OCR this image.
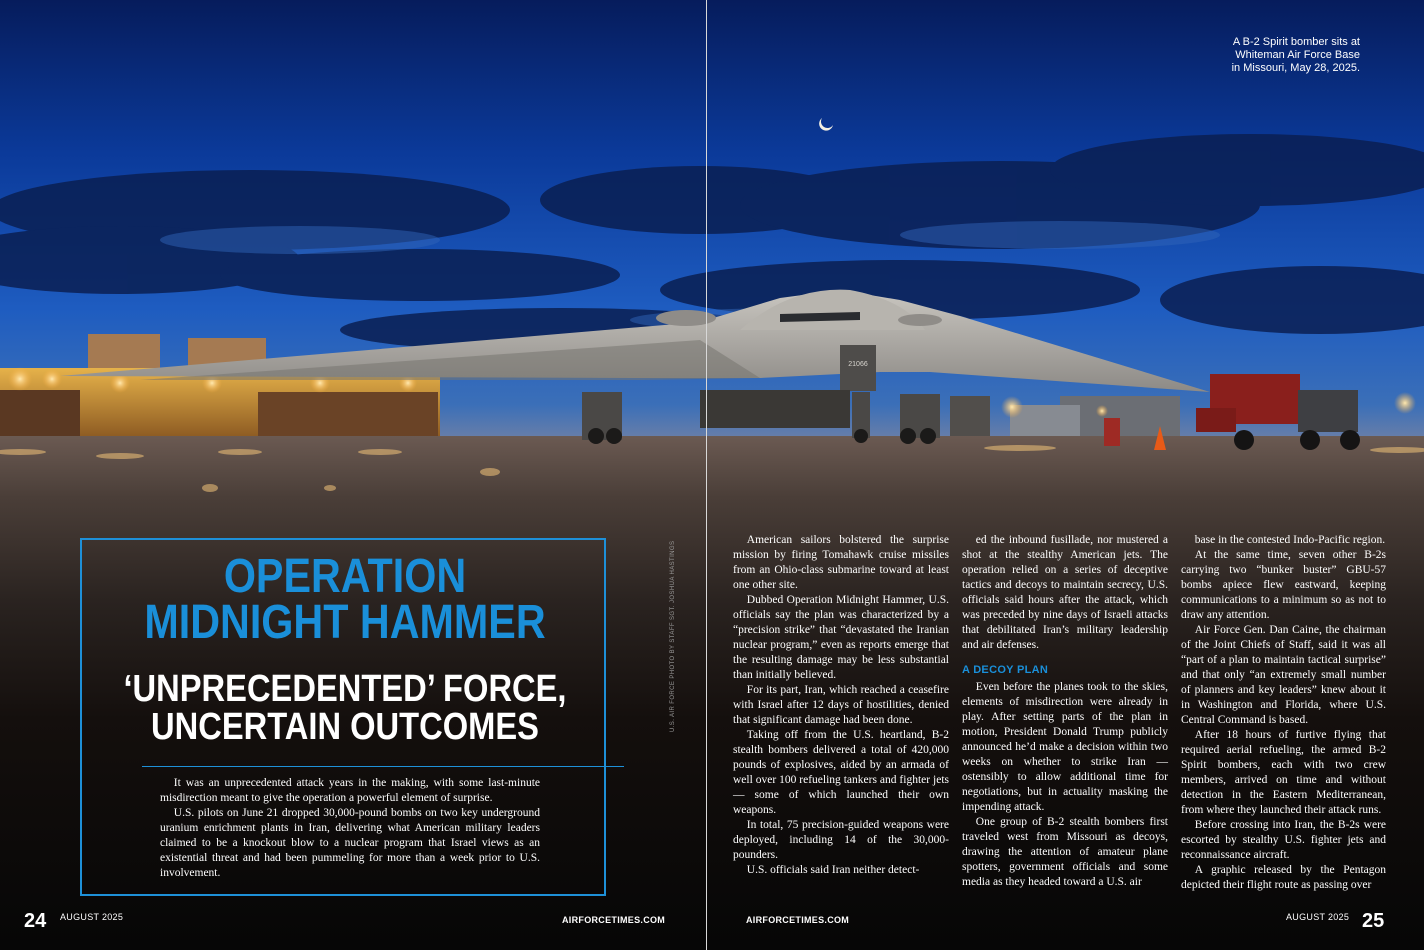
21066
A B-2 Spirit bomber sits at
Whiteman Air Force Base
in Missouri, May 28, 2025.
U.S. AIR FORCE PHOTO BY STAFF SGT. JOSHUA HASTINGS
OPERATION
MIDNIGHT HAMMER
‘UNPRECEDENTED’ FORCE,
UNCERTAIN OUTCOMES

It was an unprecedented attack years in the making, with some last-minute misdirection meant to give the operation a powerful element of surprise.

U.S. pilots on June 21 dropped 30,000-pound bombs on two key underground uranium enrichment plants in Iran, delivering what American military leaders claimed to be a knockout blow to a nuclear program that Israel views as an existential threat and had been pummeling for more than a week prior to U.S. involvement.

American sailors bolstered the surprise mission by firing Tomahawk cruise missiles from an Ohio-class submarine toward at least one other site.

Dubbed Operation Midnight Hammer, U.S. officials say the plan was characterized by a “precision strike” that “devastated the Iranian nuclear program,” even as reports emerge that the resulting damage may be less substantial than initially believed.

For its part, Iran, which reached a ceasefire with Israel after 12 days of hostilities, denied that significant damage had been done.

Taking off from the U.S. heartland, B-2 stealth bombers delivered a total of 420,000 pounds of explosives, aided by an armada of well over 100 refueling tankers and fighter jets — some of which launched their own weapons.

In total, 75 precision-guided weapons were deployed, including 14 of the 30,000-pounders.

U.S. officials said Iran neither detect-

ed the inbound fusillade, nor mustered a shot at the stealthy American jets. The operation relied on a series of deceptive tactics and decoys to maintain secrecy, U.S. officials said hours after the attack, which was preceded by nine days of Israeli attacks that debilitated Iran’s military leadership and air defenses.

A DECOY PLAN

Even before the planes took to the skies, elements of misdirection were already in play. After setting parts of the plan in motion, President Donald Trump publicly announced he’d make a decision within two weeks on whether to strike Iran — ostensibly to allow additional time for negotiations, but in actuality masking the impending attack.

One group of B-2 stealth bombers first traveled west from Missouri as decoys, drawing the attention of amateur plane spotters, government officials and some media as they headed toward a U.S. air

base in the contested Indo-Pacific region.

At the same time, seven other B-2s carrying two “bunker buster” GBU-57 bombs apiece flew eastward, keeping communications to a minimum so as not to draw any attention.

Air Force Gen. Dan Caine, the chairman of the Joint Chiefs of Staff, said it was all “part of a plan to maintain tactical surprise” and that only “an extremely small number of planners and key leaders” knew about it in Washington and Florida, where U.S. Central Command is based.

After 18 hours of furtive flying that required aerial refueling, the armed B-2 Spirit bombers, each with two crew members, arrived on time and without detection in the Eastern Mediterranean, from where they launched their attack runs.

Before crossing into Iran, the B-2s were escorted by stealthy U.S. fighter jets and reconnaissance aircraft.

A graphic released by the Pentagon depicted their flight route as passing over

24 AUGUST 2025	AIRFORCETIMES.COM	AIRFORCETIMES.COM	AUGUST 2025 25
